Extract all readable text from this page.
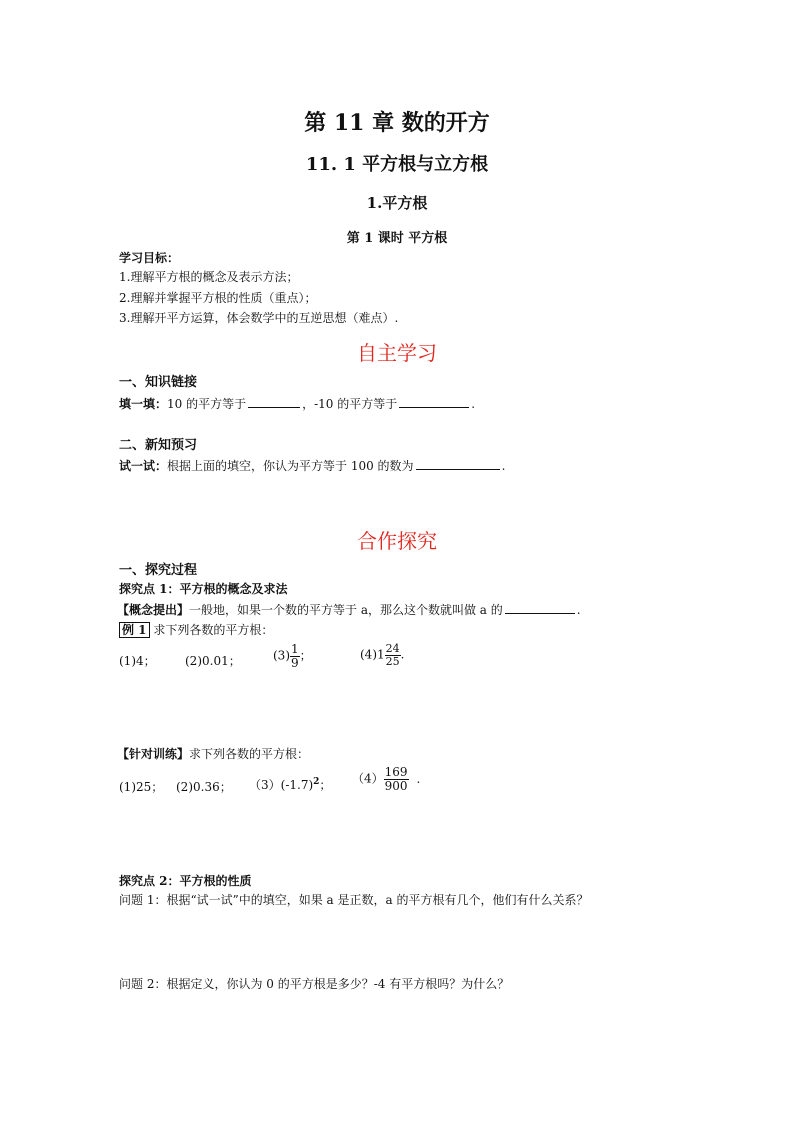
第 11 章 数的开方
11. 1 平方根与立方根
1.平方根
第 1 课时 平方根
学习目标：
1.理解平方根的概念及表示方法；
2.理解并掌握平方根的性质（重点）；
3.理解开平方运算，体会数学中的互逆思想（难点）.
自主学习
一、知识链接
填一填：10 的平方等于	，-10 的平方等于	.
二、新知预习
试一试：根据上面的填空，你认为平方等于 100 的数为	.
合作探究
一、探究过程
探究点 1：平方根的概念及求法
【概念提出】一般地，如果一个数的平方等于 a，那么这个数就叫做 a 的	.
例 1 求下列各数的平方根：
(1)4； (2)0.01；	$(3) \frac{1}{9}$ ；	$(4)1 \frac{24}{25}$ .
【针对训练】求下列各数的平方根：
(1)25； (2)0.36； $(3)(-1.7)^2$； $(4) \frac{169}{900}$ .
探究点 2：平方根的性质
问题 1：根据“试一试”中的填空，如果 a 是正数，a 的平方根有几个，他们有什么关系？
问题 2：根据定义，你认为 0 的平方根是多少？-4 有平方根吗？为什么？
